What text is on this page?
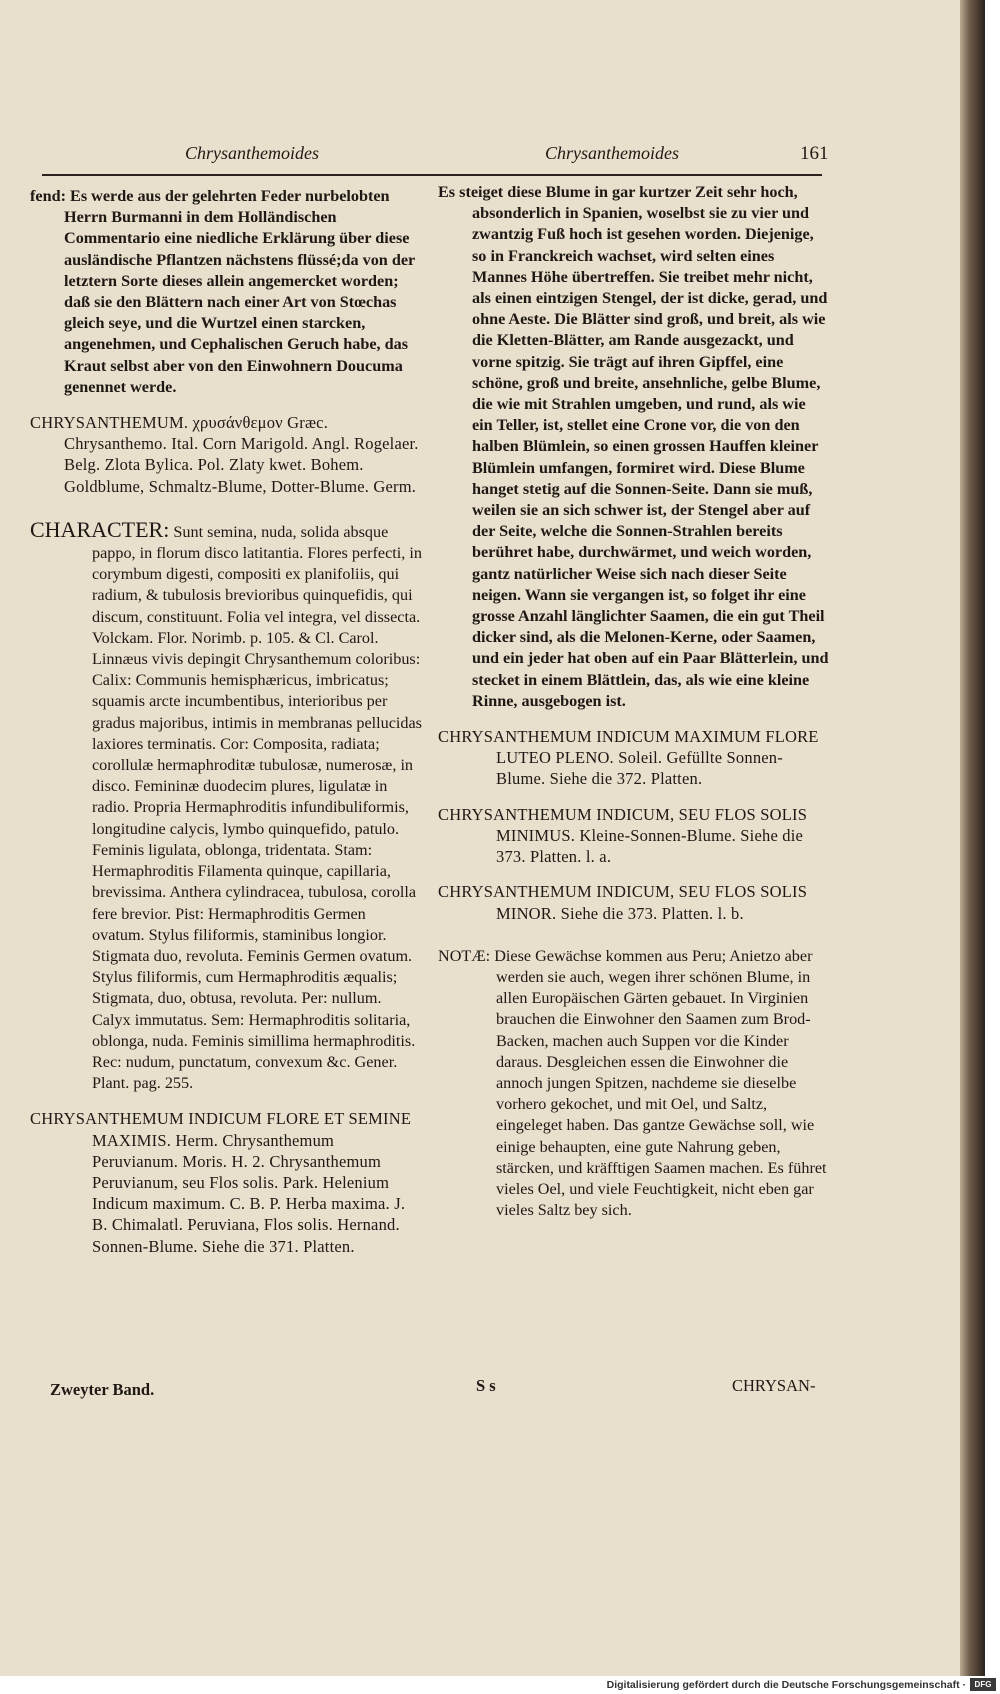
Chrysanthemoides	Chrysanthemoides	161

fend: Es werde aus der gelehrten Feder nurbelobten Herrn Burmanni in dem Holländischen Commentario eine niedliche Erklärung über diese ausländische Pflantzen nächstens flüssé;da von der letztern Sorte dieses allein angemercket worden; daß sie den Blättern nach einer Art von Stœchas gleich seye, und die Wurtzel einen starcken, angenehmen, und Cephalischen Geruch habe, das Kraut selbst aber von den Einwohnern Doucuma genennet werde.

CHRYSANTHEMUM. χρυσάνθεμον Græc. Chrysanthemo. Ital. Corn Marigold. Angl. Rogelaer. Belg. Zlota Bylica. Pol. Zlaty kwet. Bohem. Goldblume, Schmaltz-Blume, Dotter-Blume. Germ.

CHARACTER: Sunt semina, nuda, solida absque pappo, in florum disco latitantia. Flores perfecti, in corymbum digesti, compositi ex planifoliis, qui radium, & tubulosis brevioribus quinquefidis, qui discum, constituunt. Folia vel integra, vel dissecta. Volckam. Flor. Norimb. p. 105. & Cl. Carol. Linnæus vivis depingit Chrysanthemum coloribus: Calix: Communis hemisphæricus, imbricatus; squamis arcte incumbentibus, interioribus per gradus majoribus, intimis in membranas pellucidas laxiores terminatis. Cor: Composita, radiata; corollulæ hermaphroditæ tubulosæ, numerosæ, in disco. Femininæ duodecim plures, ligulatæ in radio. Propria Hermaphroditis infundibuliformis, longitudine calycis, lymbo quinquefido, patulo. Feminis ligulata, oblonga, tridentata. Stam: Hermaphroditis Filamenta quinque, capillaria, brevissima. Anthera cylindracea, tubulosa, corolla fere brevior. Pist: Hermaphroditis Germen ovatum. Stylus filiformis, staminibus longior. Stigmata duo, revoluta. Feminis Germen ovatum. Stylus filiformis, cum Hermaphroditis æqualis; Stigmata, duo, obtusa, revoluta. Per: nullum. Calyx immutatus. Sem: Hermaphroditis solitaria, oblonga, nuda. Feminis simillima hermaphroditis. Rec: nudum, punctatum, convexum &c. Gener. Plant. pag. 255.

CHRYSANTHEMUM INDICUM FLORE ET SEMINE MAXIMIS. Herm. Chrysanthemum Peruvianum. Moris. H. 2. Chrysanthemum Peruvianum, seu Flos solis. Park. Helenium Indicum maximum. C. B. P. Herba maxima. J. B. Chimalatl. Peruviana, Flos solis. Hernand. Sonnen-Blume. Siehe die 371. Platten.

Es steiget diese Blume in gar kurtzer Zeit sehr hoch, absonderlich in Spanien, woselbst sie zu vier und zwantzig Fuß hoch ist gesehen worden. Diejenige, so in Franckreich wachset, wird selten eines Mannes Höhe übertreffen. Sie treibet mehr nicht, als einen eintzigen Stengel, der ist dicke, gerad, und ohne Aeste. Die Blätter sind groß, und breit, als wie die Kletten-Blätter, am Rande ausgezackt, und vorne spitzig. Sie trägt auf ihren Gipffel, eine schöne, groß und breite, ansehnliche, gelbe Blume, die wie mit Strahlen umgeben, und rund, als wie ein Teller, ist, stellet eine Crone vor, die von den halben Blümlein, so einen grossen Hauffen kleiner Blümlein umfangen, formiret wird. Diese Blume hanget stetig auf die Sonnen-Seite. Dann sie muß, weilen sie an sich schwer ist, der Stengel aber auf der Seite, welche die Sonnen-Strahlen bereits berühret habe, durchwärmet, und weich worden, gantz natürlicher Weise sich nach dieser Seite neigen. Wann sie vergangen ist, so folget ihr eine grosse Anzahl länglichter Saamen, die ein gut Theil dicker sind, als die Melonen-Kerne, oder Saamen, und ein jeder hat oben auf ein Paar Blätterlein, und stecket in einem Blättlein, das, als wie eine kleine Rinne, ausgebogen ist.

CHRYSANTHEMUM INDICUM MAXIMUM FLORE LUTEO PLENO. Soleil. Gefüllte Sonnen-Blume. Siehe die 372. Platten.

CHRYSANTHEMUM INDICUM, SEU FLOS SOLIS MINIMUS. Kleine-Sonnen-Blume. Siehe die 373. Platten. l. a.

CHRYSANTHEMUM INDICUM, SEU FLOS SOLIS MINOR. Siehe die 373. Platten. l. b.

NOTÆ: Diese Gewächse kommen aus Peru; Anietzo aber werden sie auch, wegen ihrer schönen Blume, in allen Europäischen Gärten gebauet. In Virginien brauchen die Einwohner den Saamen zum Brod-Backen, machen auch Suppen vor die Kinder daraus. Desgleichen essen die Einwohner die annoch jungen Spitzen, nachdeme sie dieselbe vorhero gekochet, und mit Oel, und Saltz, eingeleget haben. Das gantze Gewächse soll, wie einige behaupten, eine gute Nahrung geben, stärcken, und kräfftigen Saamen machen. Es führet vieles Oel, und viele Feuchtigkeit, nicht eben gar vieles Saltz bey sich.

Zweyter Band.	S s	CHRYSAN-
Digitalisierung gefördert durch die Deutsche Forschungsgemeinschaft ·	DFG
